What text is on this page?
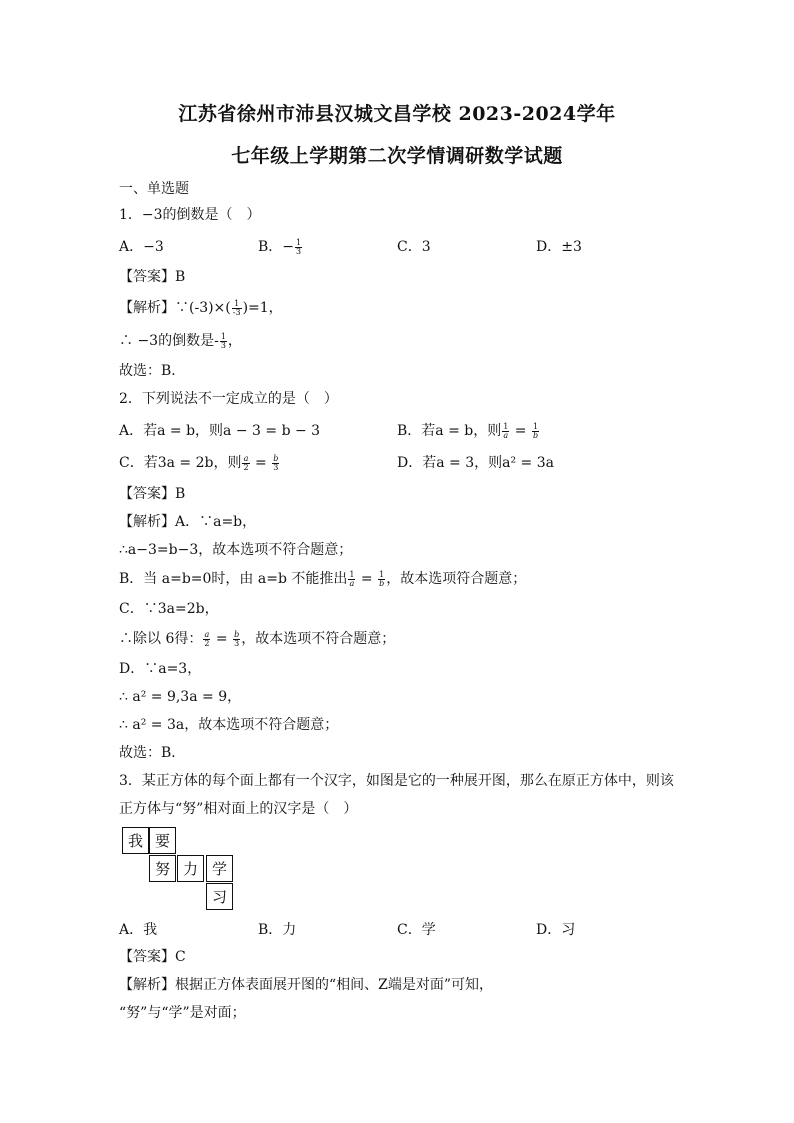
江苏省徐州市沛县汉城文昌学校 2023-2024学年
七年级上学期第二次学情调研数学试题
一、单选题
1．−3的倒数是（　）
A．−3	B．− $\frac{1}{3}$	C．3	D．±3
【答案】B
【解析】∵(-3)×( $\frac{1}{-3} )=1$，
∴ −3的倒数是- $\frac{1}{3}$ ，
故选：B．
2．下列说法不一定成立的是（　）
A．若a = b，则a − 3 = b − 3	B．若a = b，则 $\frac{1}{a} = \frac{1}{b}$
C．若3a = 2b，则 $\frac{a}{2} = \frac{b}{3}$	D．若a = 3，则a² = 3a
【答案】B
【解析】A．∵a=b，
∴a−3=b−3，故本选项不符合题意；
B．当 a=b=0时，由 a=b 不能推出 $\frac{1}{a} = \frac{1}{b}$ ，故本选项符合题意；
C．∵3a=2b，
∴除以 6得： $\frac{a}{2} = \frac{b}{3}$ ，故本选项不符合题意；
D．∵a=3，
∴ a² = 9,3a = 9，
∴ a² = 3a，故本选项不符合题意；
故选：B．
3．某正方体的每个面上都有一个汉字，如图是它的一种展开图，那么在原正方体中，则该
正方体与“努”相对面上的汉字是（　）
我 要
努 力 学
习
A．我	B．力	C．学	D．习
【答案】C
【解析】根据正方体表面展开图的“相间、Z端是对面”可知，
“努”与“学”是对面；
